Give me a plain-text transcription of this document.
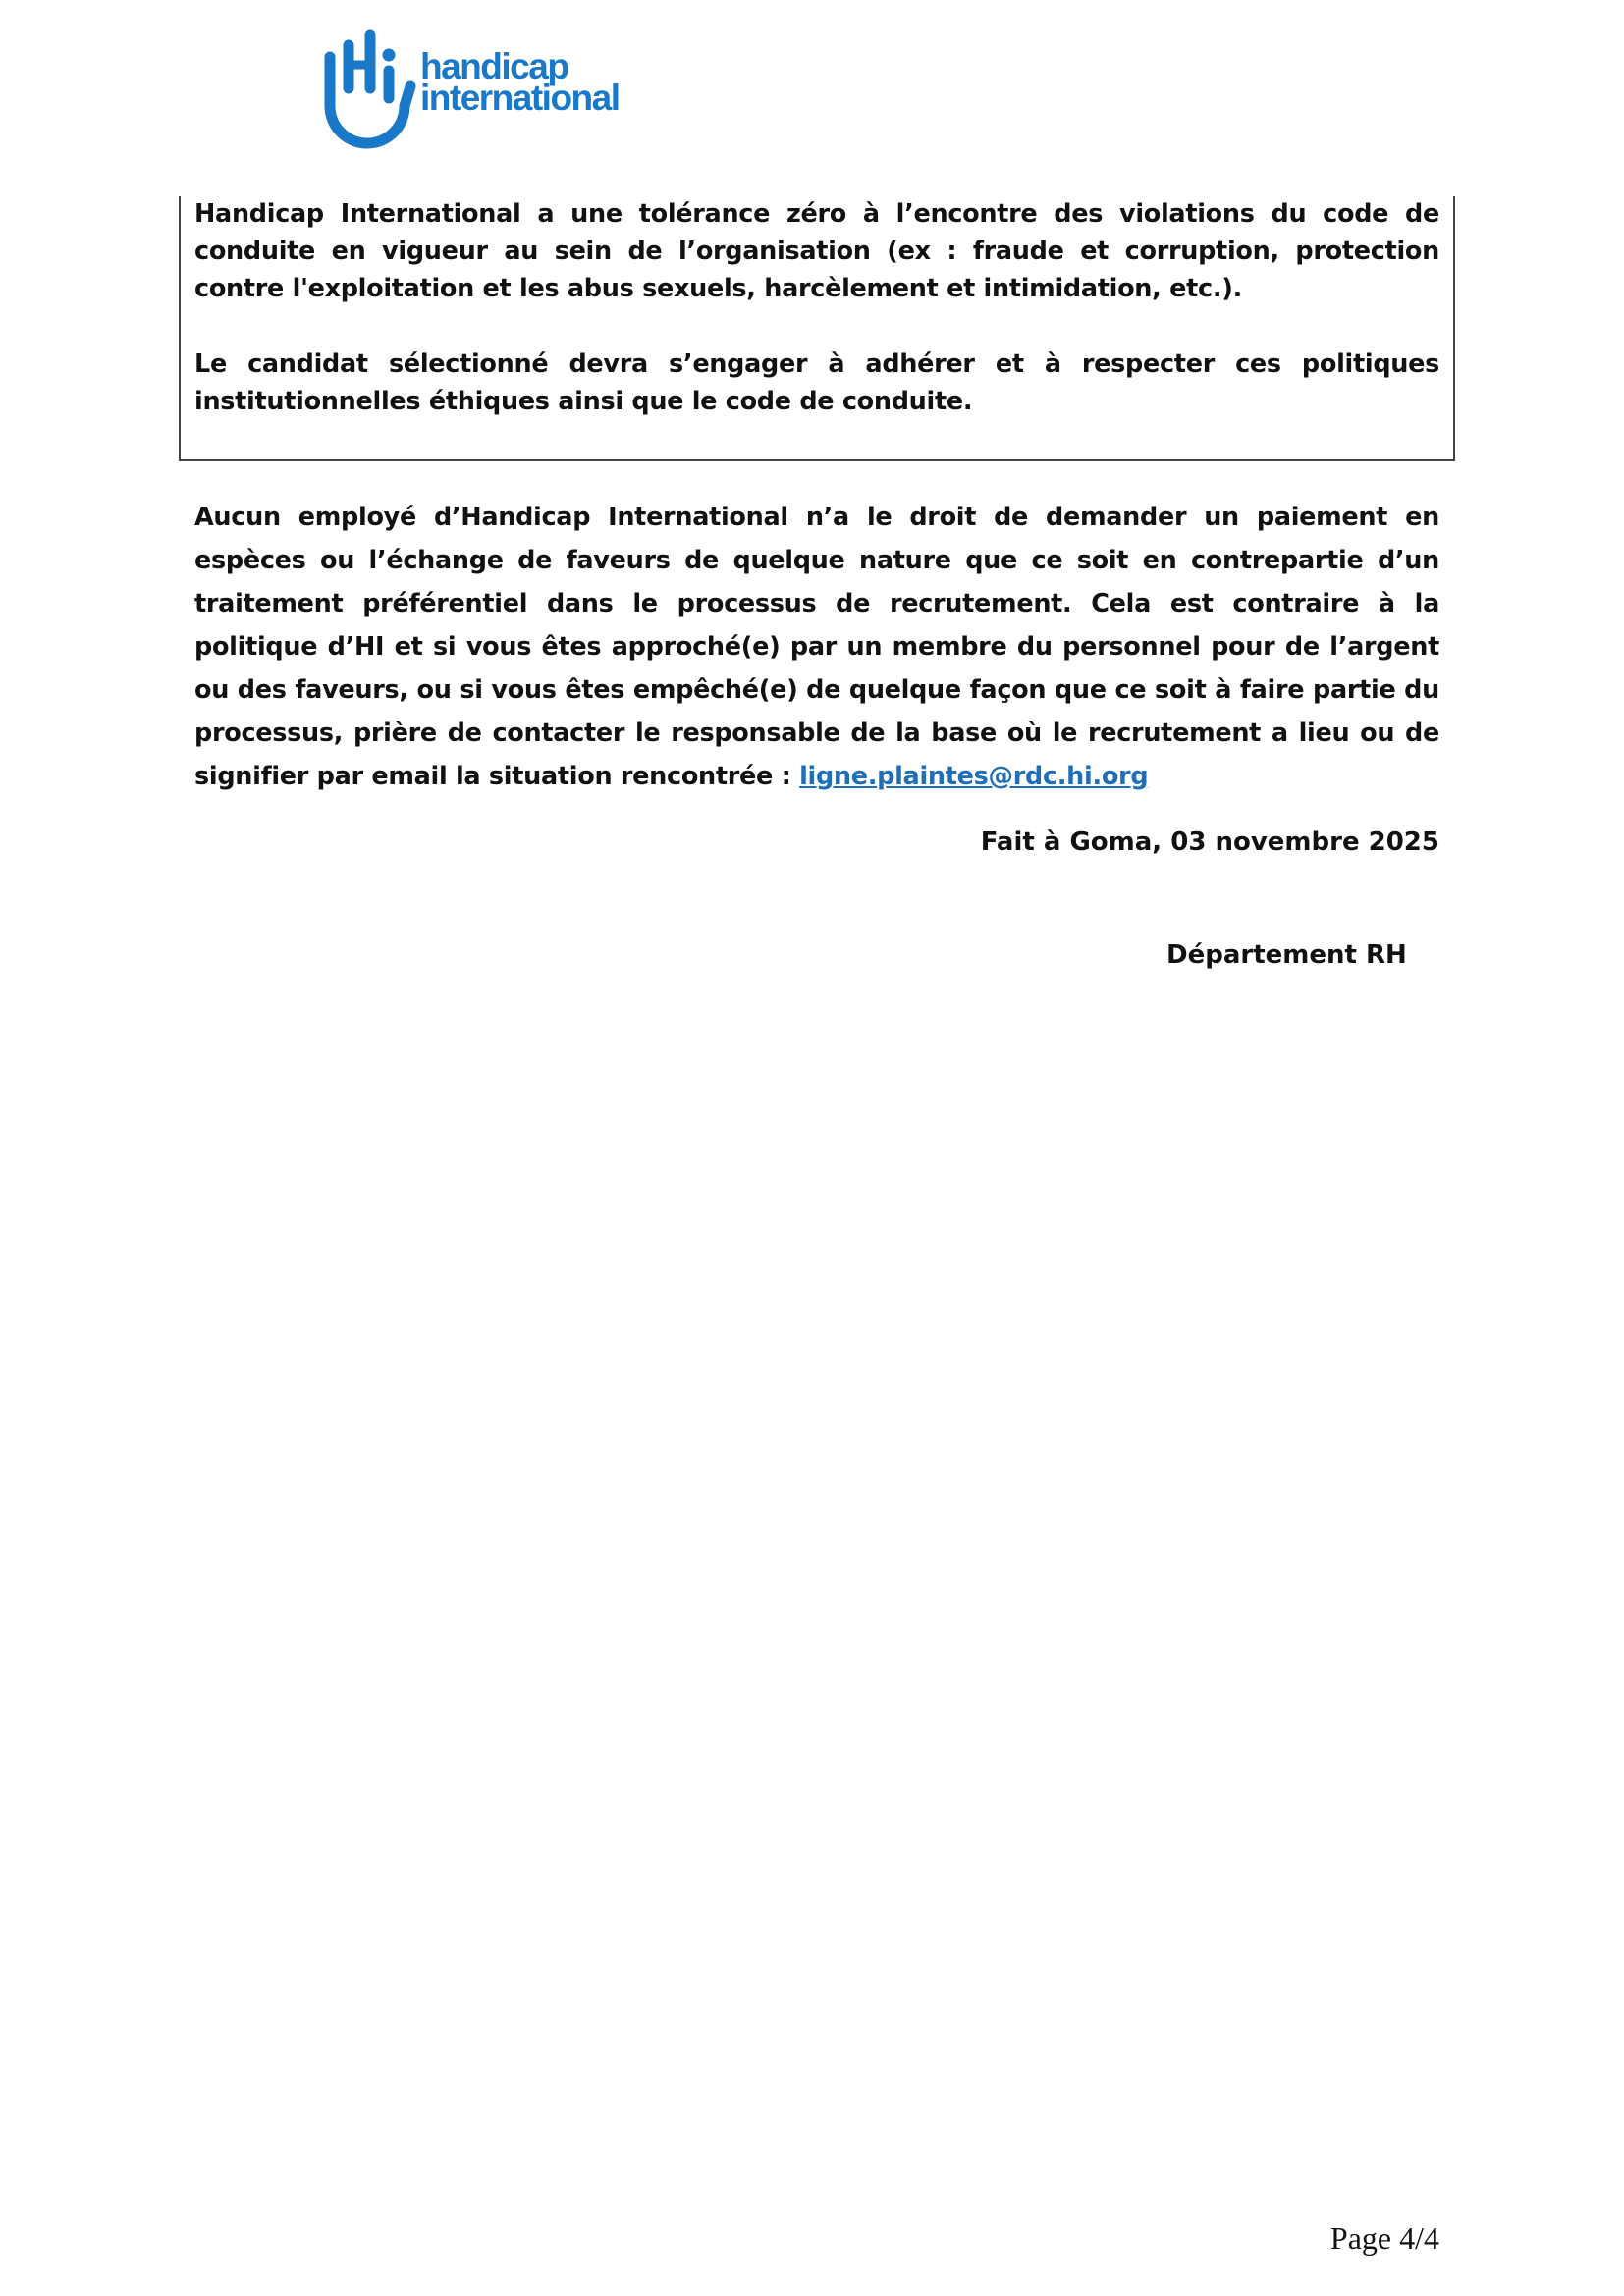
handicap
international
Handicap International a une tolérance zéro à l’encontre des violations du code de conduite en vigueur au sein de l’organisation (ex : fraude et corruption, protection contre l'exploitation et les abus sexuels, harcèlement et intimidation, etc.).
Le candidat sélectionné devra s’engager à adhérer et à respecter ces politiques institutionnelles éthiques ainsi que le code de conduite.
Aucun employé d’Handicap International n’a le droit de demander un paiement en espèces ou l’échange de faveurs de quelque nature que ce soit en contrepartie d’un traitement préférentiel dans le processus de recrutement. Cela est contraire à la politique d’HI et si vous êtes approché(e) par un membre du personnel pour de l’argent ou des faveurs, ou si vous êtes empêché(e) de quelque façon que ce soit à faire partie du processus, prière de contacter le responsable de la base où le recrutement a lieu ou de signifier par email la situation rencontrée : ligne.plaintes@rdc.hi.org
Fait à Goma, 03 novembre 2025
Département RH
Page 4/4
